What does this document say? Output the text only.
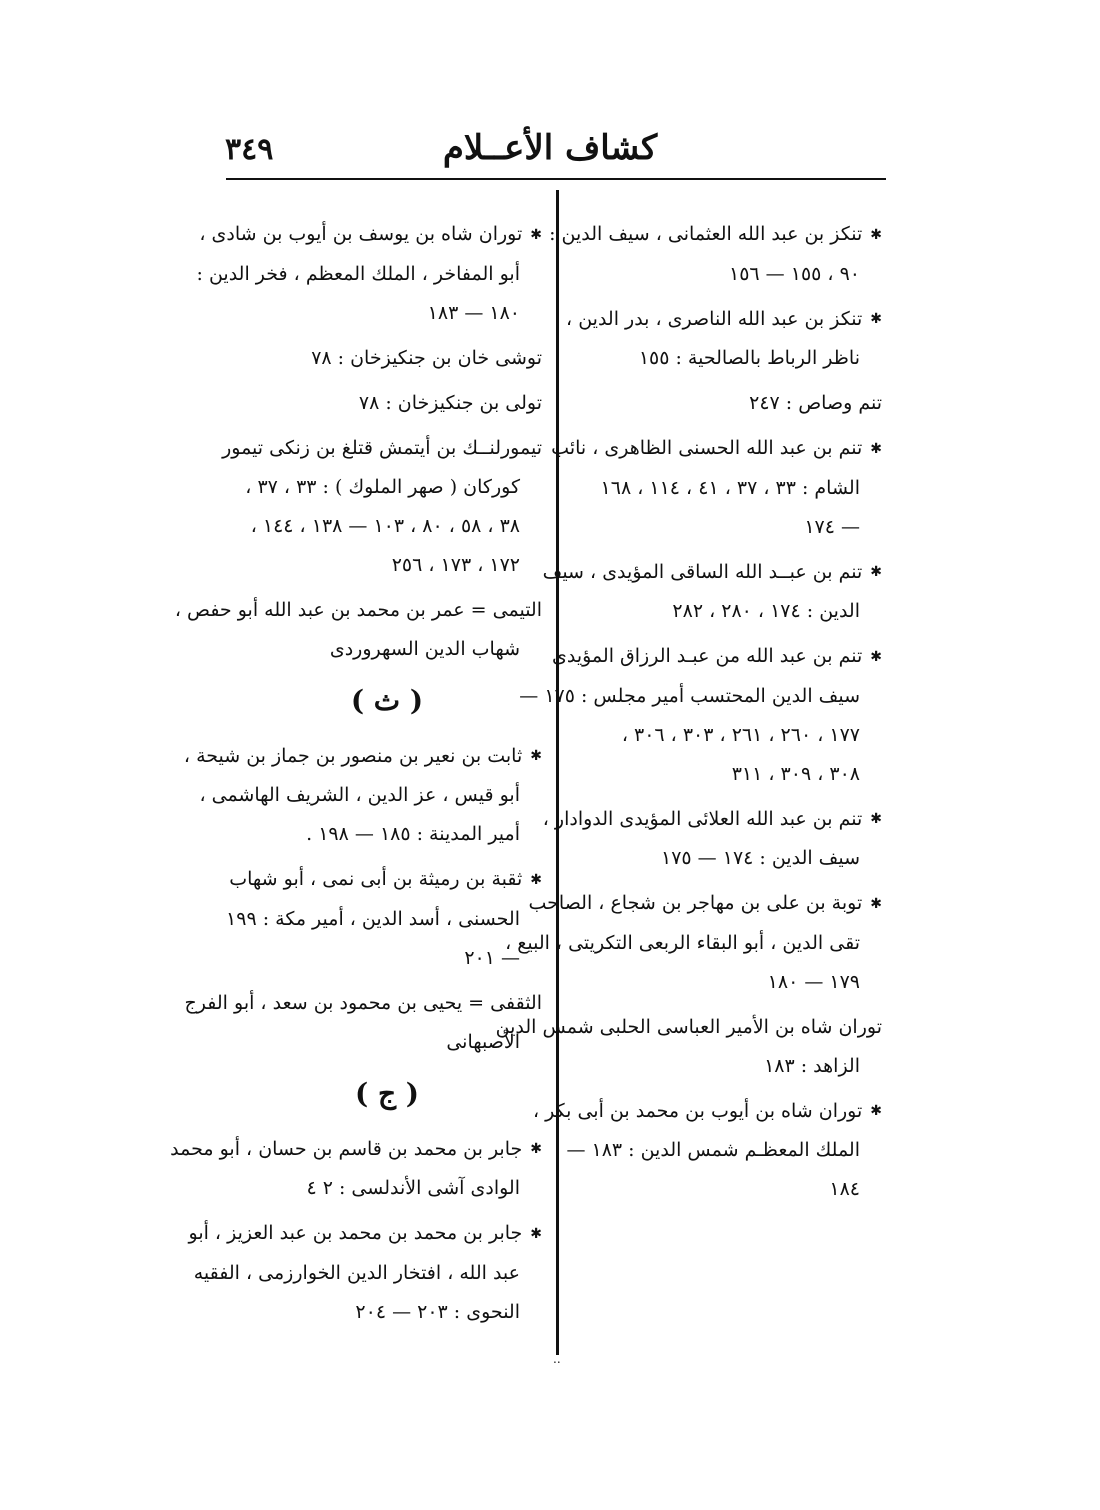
كشاف الأعــلام
٣٤٩
✱تنكز بن عبد الله العثمانى ، سيف الدين :
٩٠ ، ١٥٥ — ١٥٦
✱تنكز بن عبد الله الناصرى ، بدر الدين ،
ناظر الرباط بالصالحية : ١٥٥
تنم وصاص : ٢٤٧
✱تنم بن عبد الله الحسنى الظاهرى ، نائب
الشام : ٣٣ ، ٣٧ ، ٤١ ، ١١٤ ، ١٦٨
— ١٧٤
✱تنم بن عبــد الله الساقى المؤيدى ، سيف
الدين : ١٧٤ ، ٢٨٠ ، ٢٨٢
✱تنم بن عبد الله من عبـد الرزاق المؤيدى
سيف الدين المحتسب أمير مجلس : ١٧٥ —
١٧٧ ، ٢٦٠ ، ٢٦١ ، ٣٠٣ ، ٣٠٦ ،
٣٠٨ ، ٣٠٩ ، ٣١١
✱تنم بن عبد الله العلائى المؤيدى الدوادار ،
سيف الدين : ١٧٤ — ١٧٥
✱توبة بن على بن مهاجر بن شجاع ، الصاحب
تقى الدين ، أبو البقاء الربعى التكريتى ، البيع ،
١٧٩ — ١٨٠
توران شاه بن الأمير العباسى الحلبى شمس الدين
الزاهد : ١٨٣
✱توران شاه بن أيوب بن محمد بن أبى بكر ،
الملك المعظـم شمس الدين : ١٨٣ —
١٨٤
✱توران شاه بن يوسف بن أيوب بن شادى ،
أبو المفاخر ، الملك المعظم ، فخر الدين :
١٨٠ — ١٨٣
توشى خان بن جنكيزخان : ٧٨
تولى بن جنكيزخان : ٧٨
تيمورلنــك بن أيتمش قتلغ بن زنكى تيمور
كوركان ( صهر الملوك ) : ٣٣ ، ٣٧ ،
٣٨ ، ٥٨ ، ٨٠ ، ١٠٣ — ١٣٨ ، ١٤٤ ،
١٧٢ ، ١٧٣ ، ٢٥٦
التيمى = عمر بن محمد بن عبد الله أبو حفص ،
شهاب الدين السهروردى
( ث )
✱ثابت بن نعير بن منصور بن جماز بن شيحة ،
أبو قيس ، عز الدين ، الشريف الهاشمى ،
أمير المدينة : ١٨٥ — ١٩٨ .
✱ثقبة بن رميثة بن أبى نمى ، أبو شهاب
الحسنى ، أسد الدين ، أمير مكة : ١٩٩
— ٢٠١
الثقفى = يحيى بن محمود بن سعد ، أبو الفرج
الأصبهانى
( ج )
✱جابر بن محمد بن قاسم بن حسان ، أبو محمد
الوادى آشى الأندلسى : ٢ ٤
✱جابر بن محمد بن محمد بن عبد العزيز ، أبو
عبد الله ، افتخار الدين الخوارزمى ، الفقيه
النحوى : ٢٠٣ — ٢٠٤
..
